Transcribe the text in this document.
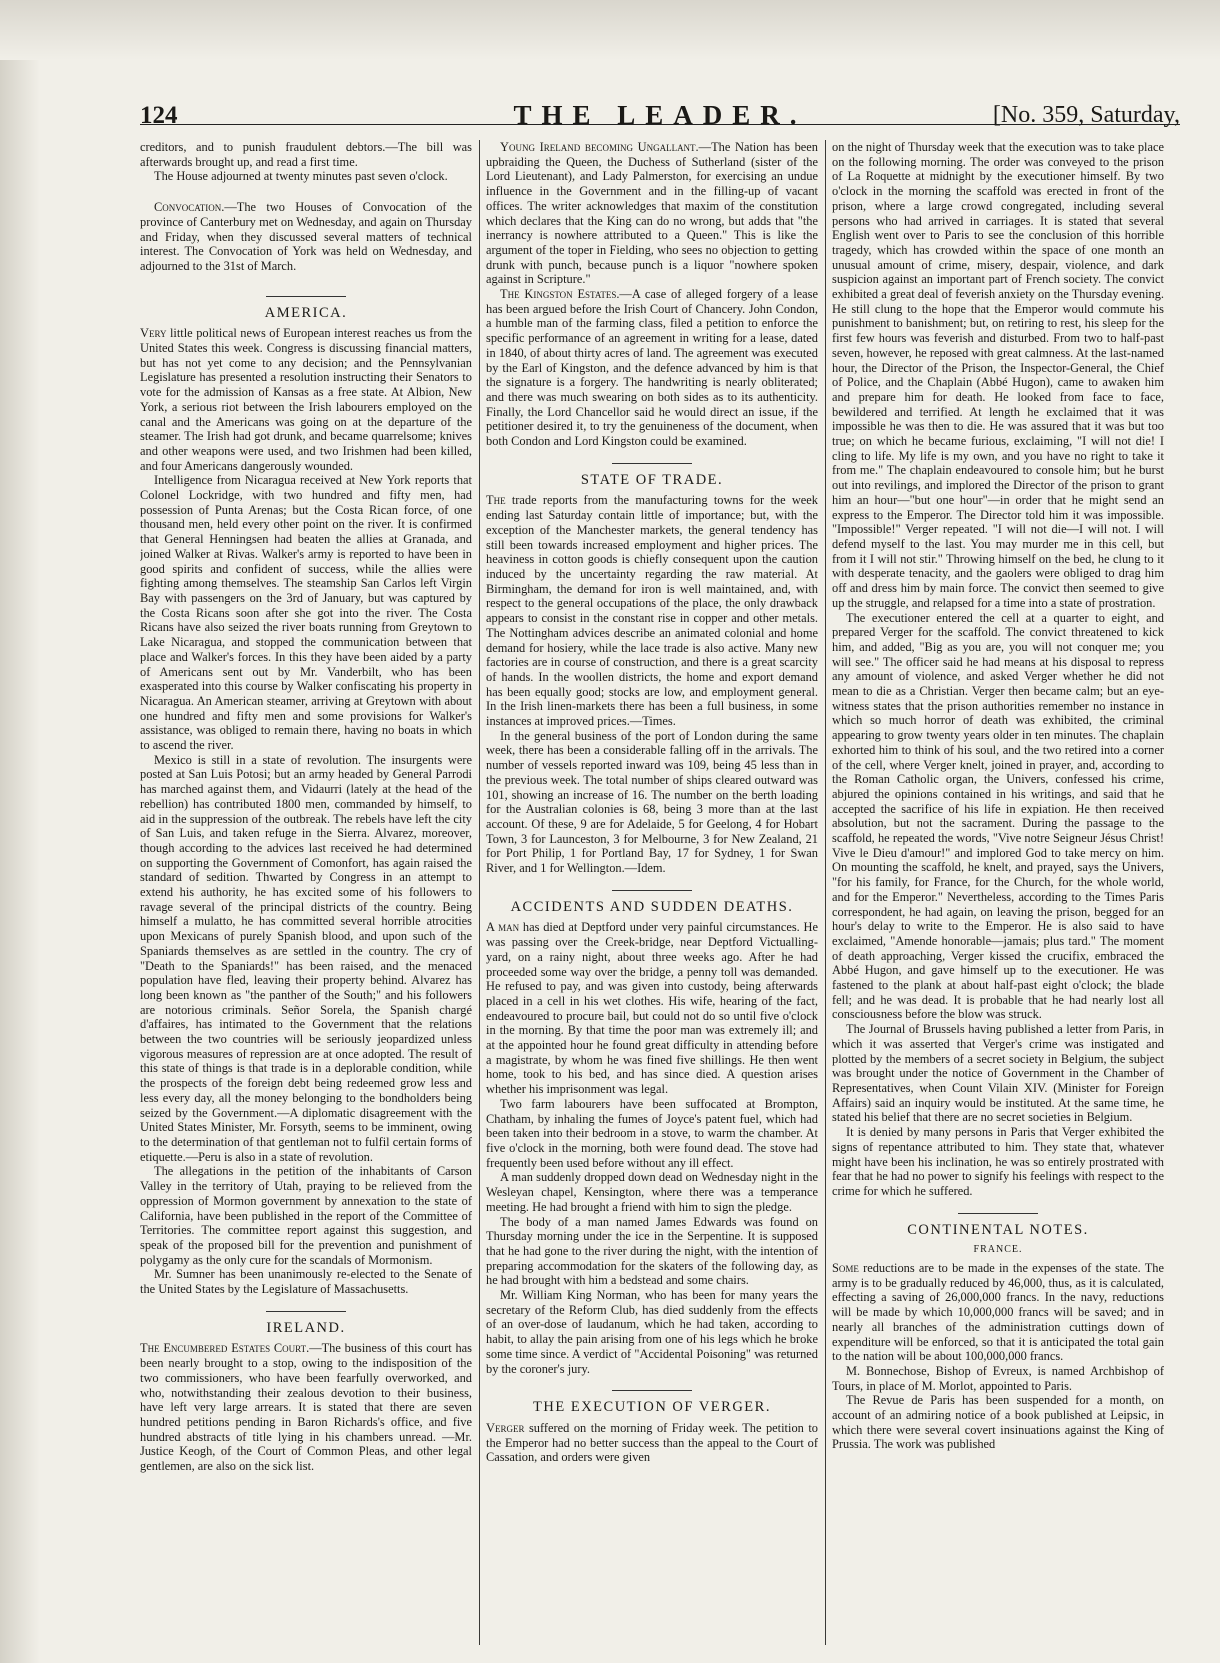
124	THE LEADER.	[No. 359, Saturday,

creditors, and to punish fraudulent debtors.—The bill was afterwards brought up, and read a first time.

The House adjourned at twenty minutes past seven o'clock.

Convocation.—The two Houses of Convocation of the province of Canterbury met on Wednesday, and again on Thursday and Friday, when they discussed several matters of technical interest. The Convocation of York was held on Wednesday, and adjourned to the 31st of March.

AMERICA.

Very little political news of European interest reaches us from the United States this week. Congress is discussing financial matters, but has not yet come to any decision; and the Pennsylvanian Legislature has presented a resolution instructing their Senators to vote for the admission of Kansas as a free state. At Albion, New York, a serious riot between the Irish labourers employed on the canal and the Americans was going on at the departure of the steamer. The Irish had got drunk, and became quarrelsome; knives and other weapons were used, and two Irishmen had been killed, and four Americans dangerously wounded.

Intelligence from Nicaragua received at New York reports that Colonel Lockridge, with two hundred and fifty men, had possession of Punta Arenas; but the Costa Rican force, of one thousand men, held every other point on the river. It is confirmed that General Henningsen had beaten the allies at Granada, and joined Walker at Rivas. Walker's army is reported to have been in good spirits and confident of success, while the allies were fighting among themselves. The steamship San Carlos left Virgin Bay with passengers on the 3rd of January, but was captured by the Costa Ricans soon after she got into the river. The Costa Ricans have also seized the river boats running from Greytown to Lake Nicaragua, and stopped the communication between that place and Walker's forces. In this they have been aided by a party of Americans sent out by Mr. Vanderbilt, who has been exasperated into this course by Walker confiscating his property in Nicaragua. An American steamer, arriving at Greytown with about one hundred and fifty men and some provisions for Walker's assistance, was obliged to remain there, having no boats in which to ascend the river.

Mexico is still in a state of revolution. The insurgents were posted at San Luis Potosi; but an army headed by General Parrodi has marched against them, and Vidaurri (lately at the head of the rebellion) has contributed 1800 men, commanded by himself, to aid in the suppression of the outbreak. The rebels have left the city of San Luis, and taken refuge in the Sierra. Alvarez, moreover, though according to the advices last received he had determined on supporting the Government of Comonfort, has again raised the standard of sedition. Thwarted by Congress in an attempt to extend his authority, he has excited some of his followers to ravage several of the principal districts of the country. Being himself a mulatto, he has committed several horrible atrocities upon Mexicans of purely Spanish blood, and upon such of the Spaniards themselves as are settled in the country. The cry of "Death to the Spaniards!" has been raised, and the menaced population have fled, leaving their property behind. Alvarez has long been known as "the panther of the South;" and his followers are notorious criminals. Señor Sorela, the Spanish chargé d'affaires, has intimated to the Government that the relations between the two countries will be seriously jeopardized unless vigorous measures of repression are at once adopted. The result of this state of things is that trade is in a deplorable condition, while the prospects of the foreign debt being redeemed grow less and less every day, all the money belonging to the bondholders being seized by the Government.—A diplomatic disagreement with the United States Minister, Mr. Forsyth, seems to be imminent, owing to the determination of that gentleman not to fulfil certain forms of etiquette.—Peru is also in a state of revolution.

The allegations in the petition of the inhabitants of Carson Valley in the territory of Utah, praying to be relieved from the oppression of Mormon government by annexation to the state of California, have been published in the report of the Committee of Territories. The committee report against this suggestion, and speak of the proposed bill for the prevention and punishment of polygamy as the only cure for the scandals of Mormonism.

Mr. Sumner has been unanimously re-elected to the Senate of the United States by the Legislature of Massachusetts.

IRELAND.

The Encumbered Estates Court.—The business of this court has been nearly brought to a stop, owing to the indisposition of the two commissioners, who have been fearfully overworked, and who, notwithstanding their zealous devotion to their business, have left very large arrears. It is stated that there are seven hundred petitions pending in Baron Richards's office, and five hundred abstracts of title lying in his chambers unread. —Mr. Justice Keogh, of the Court of Common Pleas, and other legal gentlemen, are also on the sick list.

Young Ireland becoming Ungallant.—The Nation has been upbraiding the Queen, the Duchess of Sutherland (sister of the Lord Lieutenant), and Lady Palmerston, for exercising an undue influence in the Government and in the filling-up of vacant offices. The writer acknowledges that maxim of the constitution which declares that the King can do no wrong, but adds that "the inerrancy is nowhere attributed to a Queen." This is like the argument of the toper in Fielding, who sees no objection to getting drunk with punch, because punch is a liquor "nowhere spoken against in Scripture."

The Kingston Estates.—A case of alleged forgery of a lease has been argued before the Irish Court of Chancery. John Condon, a humble man of the farming class, filed a petition to enforce the specific performance of an agreement in writing for a lease, dated in 1840, of about thirty acres of land. The agreement was executed by the Earl of Kingston, and the defence advanced by him is that the signature is a forgery. The handwriting is nearly obliterated; and there was much swearing on both sides as to its authenticity. Finally, the Lord Chancellor said he would direct an issue, if the petitioner desired it, to try the genuineness of the document, when both Condon and Lord Kingston could be examined.

STATE OF TRADE.

The trade reports from the manufacturing towns for the week ending last Saturday contain little of importance; but, with the exception of the Manchester markets, the general tendency has still been towards increased employment and higher prices. The heaviness in cotton goods is chiefly consequent upon the caution induced by the uncertainty regarding the raw material. At Birmingham, the demand for iron is well maintained, and, with respect to the general occupations of the place, the only drawback appears to consist in the constant rise in copper and other metals. The Nottingham advices describe an animated colonial and home demand for hosiery, while the lace trade is also active. Many new factories are in course of construction, and there is a great scarcity of hands. In the woollen districts, the home and export demand has been equally good; stocks are low, and employment general. In the Irish linen-markets there has been a full business, in some instances at improved prices.—Times.

In the general business of the port of London during the same week, there has been a considerable falling off in the arrivals. The number of vessels reported inward was 109, being 45 less than in the previous week. The total number of ships cleared outward was 101, showing an increase of 16. The number on the berth loading for the Australian colonies is 68, being 3 more than at the last account. Of these, 9 are for Adelaide, 5 for Geelong, 4 for Hobart Town, 3 for Launceston, 3 for Melbourne, 3 for New Zealand, 21 for Port Philip, 1 for Portland Bay, 17 for Sydney, 1 for Swan River, and 1 for Wellington.—Idem.

ACCIDENTS AND SUDDEN DEATHS.

A man has died at Deptford under very painful circumstances. He was passing over the Creek-bridge, near Deptford Victualling-yard, on a rainy night, about three weeks ago. After he had proceeded some way over the bridge, a penny toll was demanded. He refused to pay, and was given into custody, being afterwards placed in a cell in his wet clothes. His wife, hearing of the fact, endeavoured to procure bail, but could not do so until five o'clock in the morning. By that time the poor man was extremely ill; and at the appointed hour he found great difficulty in attending before a magistrate, by whom he was fined five shillings. He then went home, took to his bed, and has since died. A question arises whether his imprisonment was legal.

Two farm labourers have been suffocated at Brompton, Chatham, by inhaling the fumes of Joyce's patent fuel, which had been taken into their bedroom in a stove, to warm the chamber. At five o'clock in the morning, both were found dead. The stove had frequently been used before without any ill effect.

A man suddenly dropped down dead on Wednesday night in the Wesleyan chapel, Kensington, where there was a temperance meeting. He had brought a friend with him to sign the pledge.

The body of a man named James Edwards was found on Thursday morning under the ice in the Serpentine. It is supposed that he had gone to the river during the night, with the intention of preparing accommodation for the skaters of the following day, as he had brought with him a bedstead and some chairs.

Mr. William King Norman, who has been for many years the secretary of the Reform Club, has died suddenly from the effects of an over-dose of laudanum, which he had taken, according to habit, to allay the pain arising from one of his legs which he broke some time since. A verdict of "Accidental Poisoning" was returned by the coroner's jury.

THE EXECUTION OF VERGER.

Verger suffered on the morning of Friday week. The petition to the Emperor had no better success than the appeal to the Court of Cassation, and orders were given

on the night of Thursday week that the execution was to take place on the following morning. The order was conveyed to the prison of La Roquette at midnight by the executioner himself. By two o'clock in the morning the scaffold was erected in front of the prison, where a large crowd congregated, including several persons who had arrived in carriages. It is stated that several English went over to Paris to see the conclusion of this horrible tragedy, which has crowded within the space of one month an unusual amount of crime, misery, despair, violence, and dark suspicion against an important part of French society. The convict exhibited a great deal of feverish anxiety on the Thursday evening. He still clung to the hope that the Emperor would commute his punishment to banishment; but, on retiring to rest, his sleep for the first few hours was feverish and disturbed. From two to half-past seven, however, he reposed with great calmness. At the last-named hour, the Director of the Prison, the Inspector-General, the Chief of Police, and the Chaplain (Abbé Hugon), came to awaken him and prepare him for death. He looked from face to face, bewildered and terrified. At length he exclaimed that it was impossible he was then to die. He was assured that it was but too true; on which he became furious, exclaiming, "I will not die! I cling to life. My life is my own, and you have no right to take it from me." The chaplain endeavoured to console him; but he burst out into revilings, and implored the Director of the prison to grant him an hour—"but one hour"—in order that he might send an express to the Emperor. The Director told him it was impossible. "Impossible!" Verger repeated. "I will not die—I will not. I will defend myself to the last. You may murder me in this cell, but from it I will not stir." Throwing himself on the bed, he clung to it with desperate tenacity, and the gaolers were obliged to drag him off and dress him by main force. The convict then seemed to give up the struggle, and relapsed for a time into a state of prostration.

The executioner entered the cell at a quarter to eight, and prepared Verger for the scaffold. The convict threatened to kick him, and added, "Big as you are, you will not conquer me; you will see." The officer said he had means at his disposal to repress any amount of violence, and asked Verger whether he did not mean to die as a Christian. Verger then became calm; but an eye-witness states that the prison authorities remember no instance in which so much horror of death was exhibited, the criminal appearing to grow twenty years older in ten minutes. The chaplain exhorted him to think of his soul, and the two retired into a corner of the cell, where Verger knelt, joined in prayer, and, according to the Roman Catholic organ, the Univers, confessed his crime, abjured the opinions contained in his writings, and said that he accepted the sacrifice of his life in expiation. He then received absolution, but not the sacrament. During the passage to the scaffold, he repeated the words, "Vive notre Seigneur Jésus Christ! Vive le Dieu d'amour!" and implored God to take mercy on him. On mounting the scaffold, he knelt, and prayed, says the Univers, "for his family, for France, for the Church, for the whole world, and for the Emperor." Nevertheless, according to the Times Paris correspondent, he had again, on leaving the prison, begged for an hour's delay to write to the Emperor. He is also said to have exclaimed, "Amende honorable—jamais; plus tard." The moment of death approaching, Verger kissed the crucifix, embraced the Abbé Hugon, and gave himself up to the executioner. He was fastened to the plank at about half-past eight o'clock; the blade fell; and he was dead. It is probable that he had nearly lost all consciousness before the blow was struck.

The Journal of Brussels having published a letter from Paris, in which it was asserted that Verger's crime was instigated and plotted by the members of a secret society in Belgium, the subject was brought under the notice of Government in the Chamber of Representatives, when Count Vilain XIV. (Minister for Foreign Affairs) said an inquiry would be instituted. At the same time, he stated his belief that there are no secret societies in Belgium.

It is denied by many persons in Paris that Verger exhibited the signs of repentance attributed to him. They state that, whatever might have been his inclination, he was so entirely prostrated with fear that he had no power to signify his feelings with respect to the crime for which he suffered.

CONTINENTAL NOTES.
FRANCE.

Some reductions are to be made in the expenses of the state. The army is to be gradually reduced by 46,000, thus, as it is calculated, effecting a saving of 26,000,000 francs. In the navy, reductions will be made by which 10,000,000 francs will be saved; and in nearly all branches of the administration cuttings down of expenditure will be enforced, so that it is anticipated the total gain to the nation will be about 100,000,000 francs.

M. Bonnechose, Bishop of Evreux, is named Archbishop of Tours, in place of M. Morlot, appointed to Paris.

The Revue de Paris has been suspended for a month, on account of an admiring notice of a book published at Leipsic, in which there were several covert insinuations against the King of Prussia. The work was published
